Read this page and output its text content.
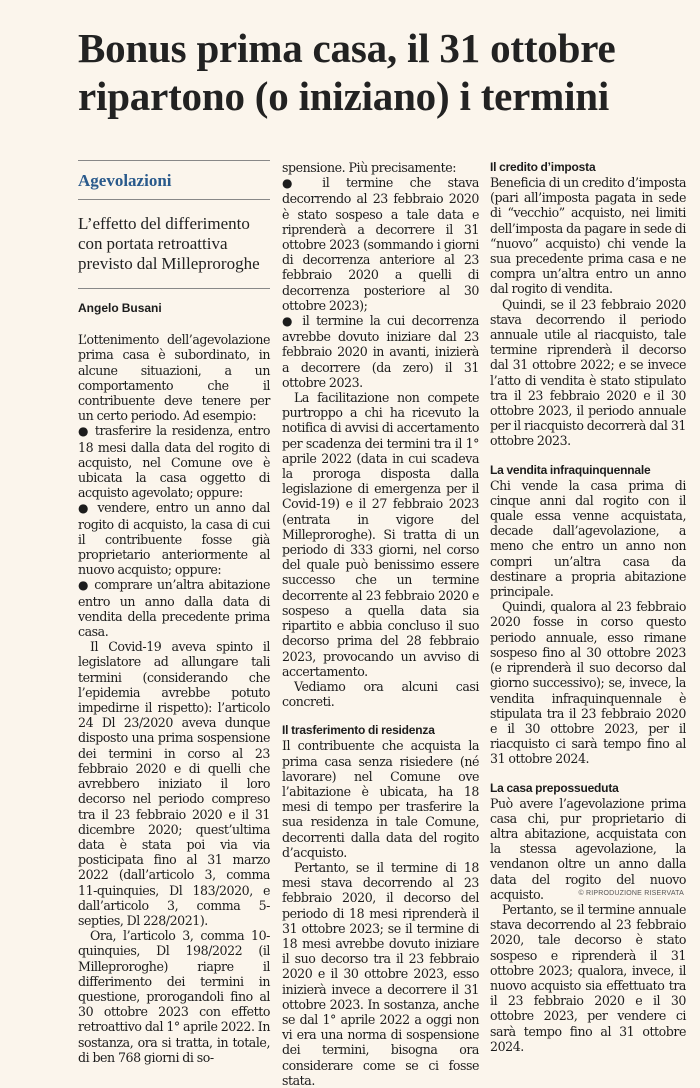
Bonus prima casa, il 31 ottobre ripartono (o iniziano) i termini
Agevolazioni
L’effetto del differimento con portata retroattiva previsto dal Milleproroghe
Angelo Busani

L’ottenimento dell’agevolazione prima casa è subordinato, in alcune situazioni, a un comportamento che il contribuente deve tenere per un certo periodo. Ad esempio:

● trasferire la residenza, entro 18 mesi dalla data del rogito di acquisto, nel Comune ove è ubicata la casa oggetto di acquisto agevolato; oppure:

● vendere, entro un anno dal rogito di acquisto, la casa di cui il contribuente fosse già proprietario anteriormente al nuovo acquisto; oppure:

● comprare un’altra abitazione entro un anno dalla data di vendita della precedente prima casa.

Il Covid-19 aveva spinto il legislatore ad allungare tali termini (considerando che l’epidemia avrebbe potuto impedirne il rispetto): l’articolo 24 Dl 23/2020 aveva dunque disposto una prima sospensione dei termini in corso al 23 febbraio 2020 e di quelli che avrebbero iniziato il loro decorso nel periodo compreso tra il 23 febbraio 2020 e il 31 dicembre 2020; quest’ultima data è stata poi via via posticipata fino al 31 marzo 2022 (dall’articolo 3, comma 11-quinquies, Dl 183/2020, e dall’articolo 3, comma 5-septies, Dl 228/2021).

Ora, l’articolo 3, comma 10-quinquies, Dl 198/2022 (il Milleproroghe) riapre il differimento dei termini in questione, prorogandoli fino al 30 ottobre 2023 con effetto retroattivo dal 1° aprile 2022. In sostanza, ora si tratta, in totale, di ben 768 giorni di so-

spensione. Più precisamente:

● il termine che stava decorrendo al 23 febbraio 2020 è stato sospeso a tale data e riprenderà a decorrere il 31 ottobre 2023 (sommando i giorni di decorrenza anteriore al 23 febbraio 2020 a quelli di decorrenza posteriore al 30 ottobre 2023);

● il termine la cui decorrenza avrebbe dovuto iniziare dal 23 febbraio 2020 in avanti, inizierà a decorrere (da zero) il 31 ottobre 2023.

La facilitazione non compete purtroppo a chi ha ricevuto la notifica di avvisi di accertamento per scadenza dei termini tra il 1° aprile 2022 (data in cui scadeva la proroga disposta dalla legislazione di emergenza per il Covid-19) e il 27 febbraio 2023 (entrata in vigore del Milleproroghe). Si tratta di un periodo di 333 giorni, nel corso del quale può benissimo essere successo che un termine decorrente al 23 febbraio 2020 e sospeso a quella data sia ripartito e abbia concluso il suo decorso prima del 28 febbraio 2023, provocando un avviso di accertamento.

Vediamo ora alcuni casi concreti.

Il trasferimento di residenza

Il contribuente che acquista la prima casa senza risiedere (né lavorare) nel Comune ove l’abitazione è ubicata, ha 18 mesi di tempo per trasferire la sua residenza in tale Comune, decorrenti dalla data del rogito d’acquisto.

Pertanto, se il termine di 18 mesi stava decorrendo al 23 febbraio 2020, il decorso del periodo di 18 mesi riprenderà il 31 ottobre 2023; se il termine di 18 mesi avrebbe dovuto iniziare il suo decorso tra il 23 febbraio 2020 e il 30 ottobre 2023, esso inizierà invece a decorrere il 31 ottobre 2023. In sostanza, anche se dal 1° aprile 2022 a oggi non vi era una norma di sospensione dei termini, bisogna ora considerare come se ci fosse stata.

Il credito d’imposta

Beneficia di un credito d’imposta (pari all’imposta pagata in sede di “vecchio” acquisto, nei limiti dell’imposta da pagare in sede di “nuovo” acquisto) chi vende la sua precedente prima casa e ne compra un’altra entro un anno dal rogito di vendita.

Quindi, se il 23 febbraio 2020 stava decorrendo il periodo annuale utile al riacquisto, tale termine riprenderà il decorso dal 31 ottobre 2022; e se invece l’atto di vendita è stato stipulato tra il 23 febbraio 2020 e il 30 ottobre 2023, il periodo annuale per il riacquisto decorrerà dal 31 ottobre 2023.

La vendita infraquinquennale

Chi vende la casa prima di cinque anni dal rogito con il quale essa venne acquistata, decade dall’agevolazione, a meno che entro un anno non compri un’altra casa da destinare a propria abitazione principale.

Quindi, qualora al 23 febbraio 2020 fosse in corso questo periodo annuale, esso rimane sospeso fino al 30 ottobre 2023 (e riprenderà il suo decorso dal giorno successivo); se, invece, la vendita infraquinquennale è stipulata tra il 23 febbraio 2020 e il 30 ottobre 2023, per il riacquisto ci sarà tempo fino al 31 ottobre 2024.

La casa prepossueduta

Può avere l’agevolazione prima casa chi, pur proprietario di altra abitazione, acquistata con la stessa agevolazione, la vendanon oltre un anno dalla data del rogito del nuovo acquisto.

Pertanto, se il termine annuale stava decorrendo al 23 febbraio 2020, tale decorso è stato sospeso e riprenderà il 31 ottobre 2023; qualora, invece, il nuovo acquisto sia effettuato tra il 23 febbraio 2020 e il 30 ottobre 2023, per vendere ci sarà tempo fino al 31 ottobre 2024.

© RIPRODUZIONE RISERVATA
